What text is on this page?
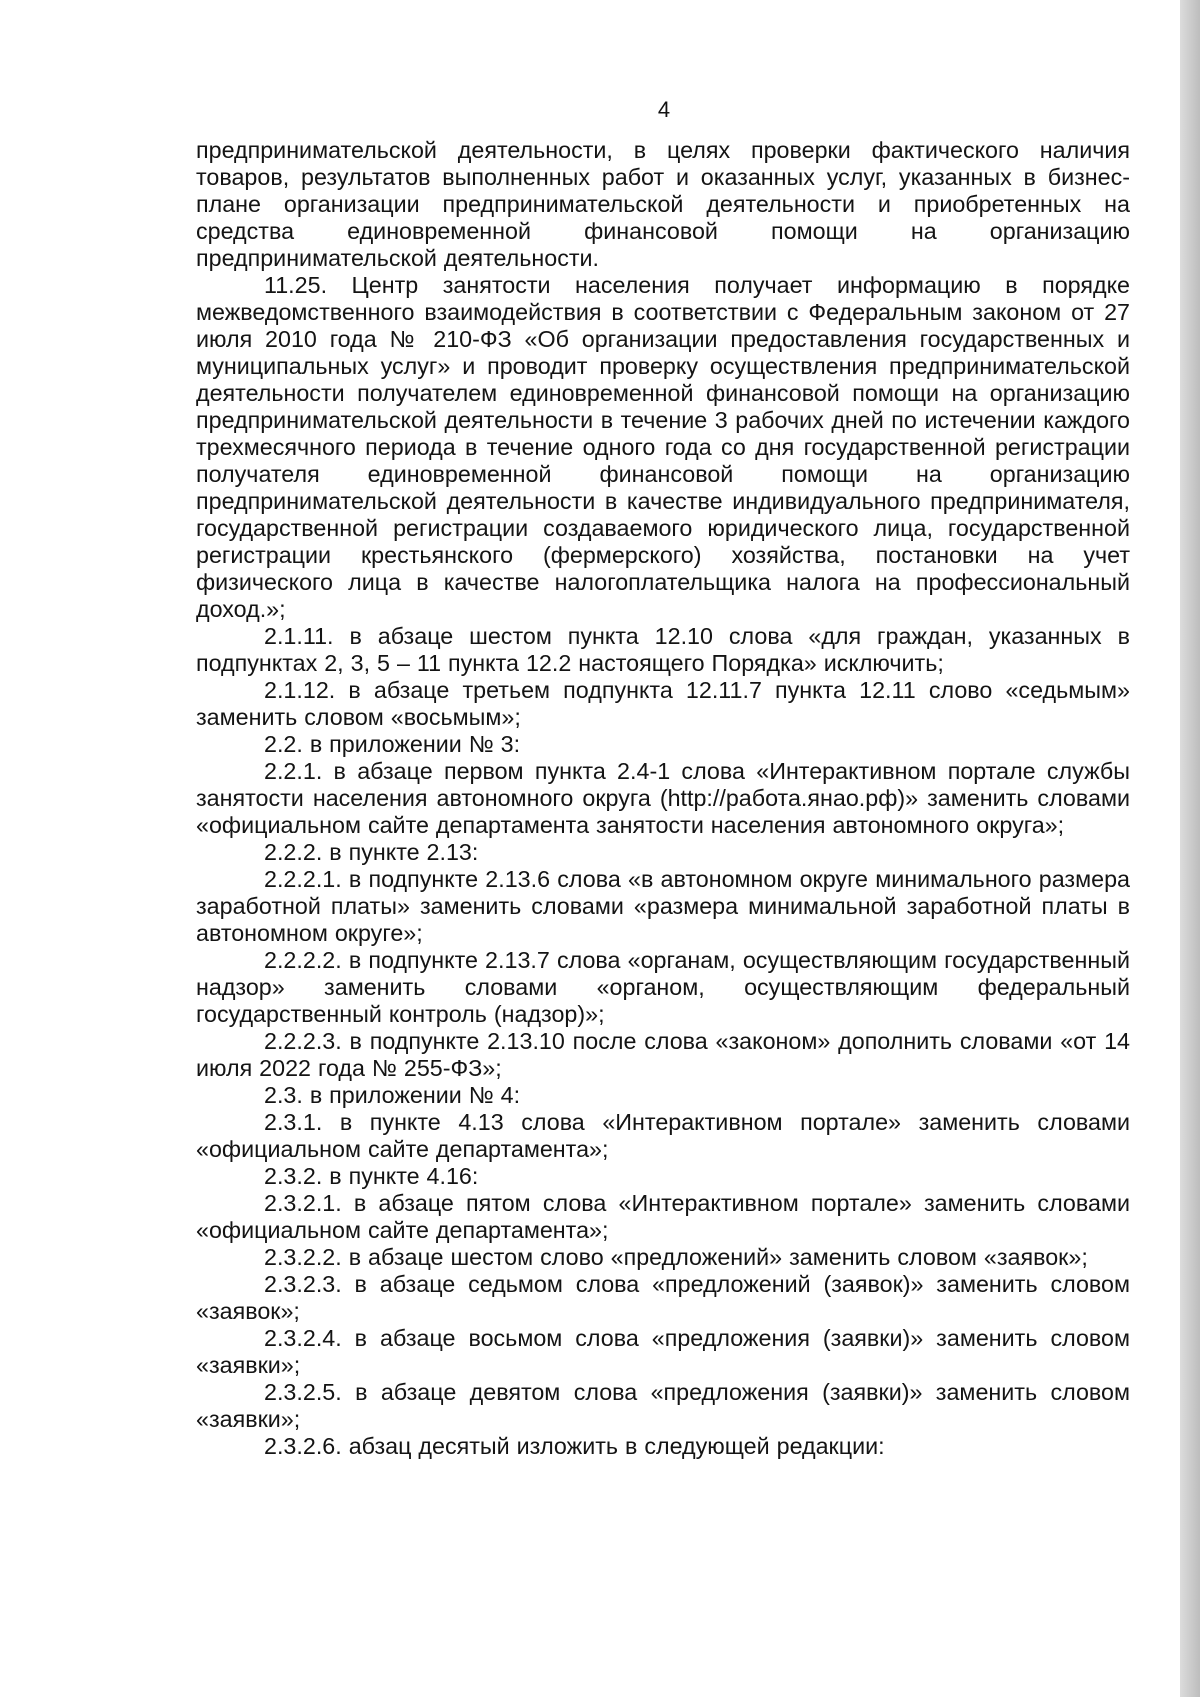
4

предпринимательской деятельности, в целях проверки фактического наличия товаров, результатов выполненных работ и оказанных услуг, указанных в бизнес-плане организации предпринимательской деятельности и приобретенных на средства единовременной финансовой помощи на организацию предпринимательской деятельности.

11.25. Центр занятости населения получает информацию в порядке межведомственного взаимодействия в соответствии с Федеральным законом от 27 июля 2010 года № 210-ФЗ «Об организации предоставления государственных и муниципальных услуг» и проводит проверку осуществления предпринимательской деятельности получателем единовременной финансовой помощи на организацию предпринимательской деятельности в течение 3 рабочих дней по истечении каждого трехмесячного периода в течение одного года со дня государственной регистрации получателя единовременной финансовой помощи на организацию предпринимательской деятельности в качестве индивидуального предпринимателя, государственной регистрации создаваемого юридического лица, государственной регистрации крестьянского (фермерского) хозяйства, постановки на учет физического лица в качестве налогоплательщика налога на профессиональный доход.»;

2.1.11. в абзаце шестом пункта 12.10 слова «для граждан, указанных в подпунктах 2, 3, 5 – 11 пункта 12.2 настоящего Порядка» исключить;

2.1.12. в абзаце третьем подпункта 12.11.7 пункта 12.11 слово «седьмым» заменить словом «восьмым»;

2.2. в приложении № 3:

2.2.1. в абзаце первом пункта 2.4-1 слова «Интерактивном портале службы занятости населения автономного округа (http://работа.янао.рф)» заменить словами «официальном сайте департамента занятости населения автономного округа»;

2.2.2. в пункте 2.13:

2.2.2.1. в подпункте 2.13.6 слова «в автономном округе минимального размера заработной платы» заменить словами «размера минимальной заработной платы в автономном округе»;

2.2.2.2. в подпункте 2.13.7 слова «органам, осуществляющим государственный надзор» заменить словами «органом, осуществляющим федеральный государственный контроль (надзор)»;

2.2.2.3. в подпункте 2.13.10 после слова «законом» дополнить словами «от 14 июля 2022 года № 255-ФЗ»;

2.3. в приложении № 4:

2.3.1. в пункте 4.13 слова «Интерактивном портале» заменить словами «официальном сайте департамента»;

2.3.2. в пункте 4.16:

2.3.2.1. в абзаце пятом слова «Интерактивном портале» заменить словами «официальном сайте департамента»;

2.3.2.2. в абзаце шестом слово «предложений» заменить словом «заявок»;

2.3.2.3. в абзаце седьмом слова «предложений (заявок)» заменить словом «заявок»;

2.3.2.4. в абзаце восьмом слова «предложения (заявки)» заменить словом «заявки»;

2.3.2.5. в абзаце девятом слова «предложения (заявки)» заменить словом «заявки»;

2.3.2.6. абзац десятый изложить в следующей редакции:
